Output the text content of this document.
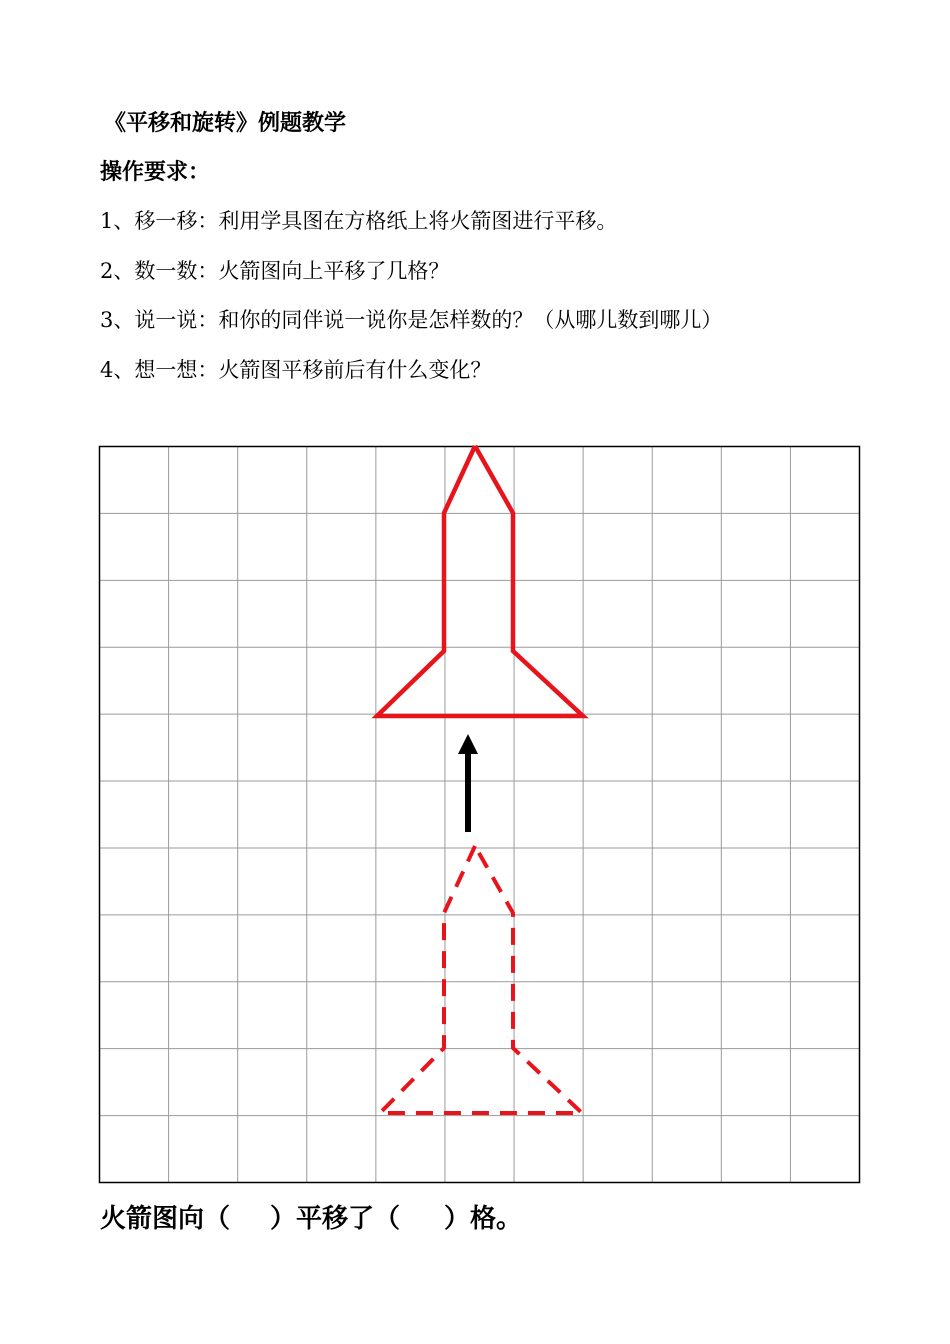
《平移和旋转》例题教学
操作要求：
1、移一移：利用学具图在方格纸上将火箭图进行平移。
2、数一数：火箭图向上平移了几格？
3、说一说：和你的同伴说一说你是怎样数的？（从哪儿数到哪儿）
4、想一想：火箭图平移前后有什么变化？
火箭图向（ ）平移了（ ）格。
